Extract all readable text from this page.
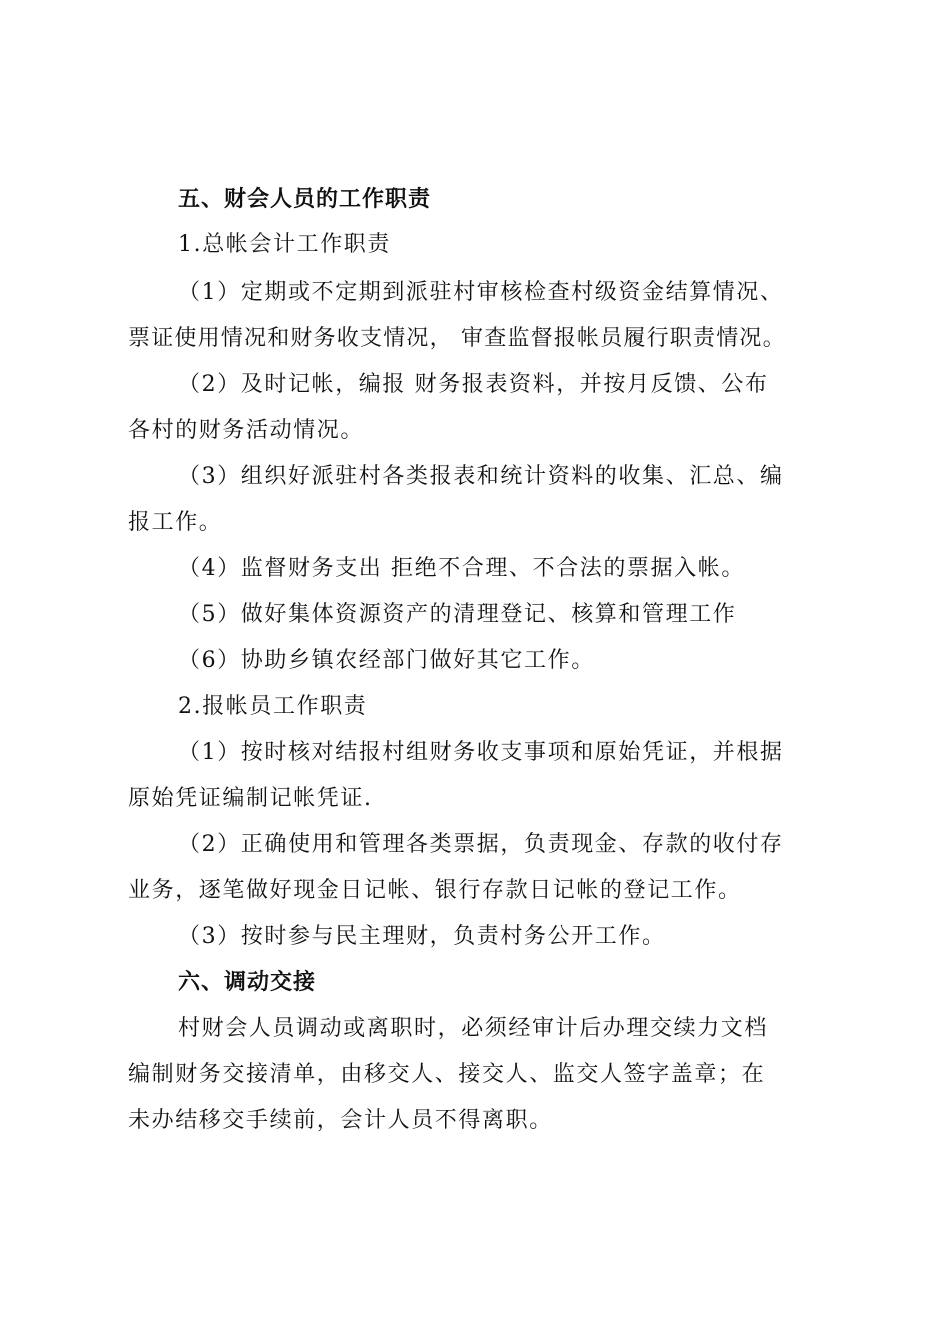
五、财会人员的工作职责
1.总帐会计工作职责
（1）定期或不定期到派驻村审核检查村级资金结算情况、
票证使用情况和财务收支情况， 审查监督报帐员履行职责情况。
（2）及时记帐，编报 财务报表资料，并按月反馈、公布
各村的财务活动情况。
（3）组织好派驻村各类报表和统计资料的收集、汇总、编
报工作。
（4）监督财务支出 拒绝不合理、不合法的票据入帐。
（5）做好集体资源资产的清理登记、核算和管理工作
（6）协助乡镇农经部门做好其它工作。
2.报帐员工作职责
（1）按时核对结报村组财务收支事项和原始凭证，并根据
原始凭证编制记帐凭证.
（2）正确使用和管理各类票据，负责现金、存款的收付存
业务，逐笔做好现金日记帐、银行存款日记帐的登记工作。
（3）按时参与民主理财，负责村务公开工作。
六、调动交接
村财会人员调动或离职时，必须经审计后办理交续力文档
编制财务交接清单，由移交人、接交人、监交人签字盖章；在
未办结移交手续前，会计人员不得离职。
